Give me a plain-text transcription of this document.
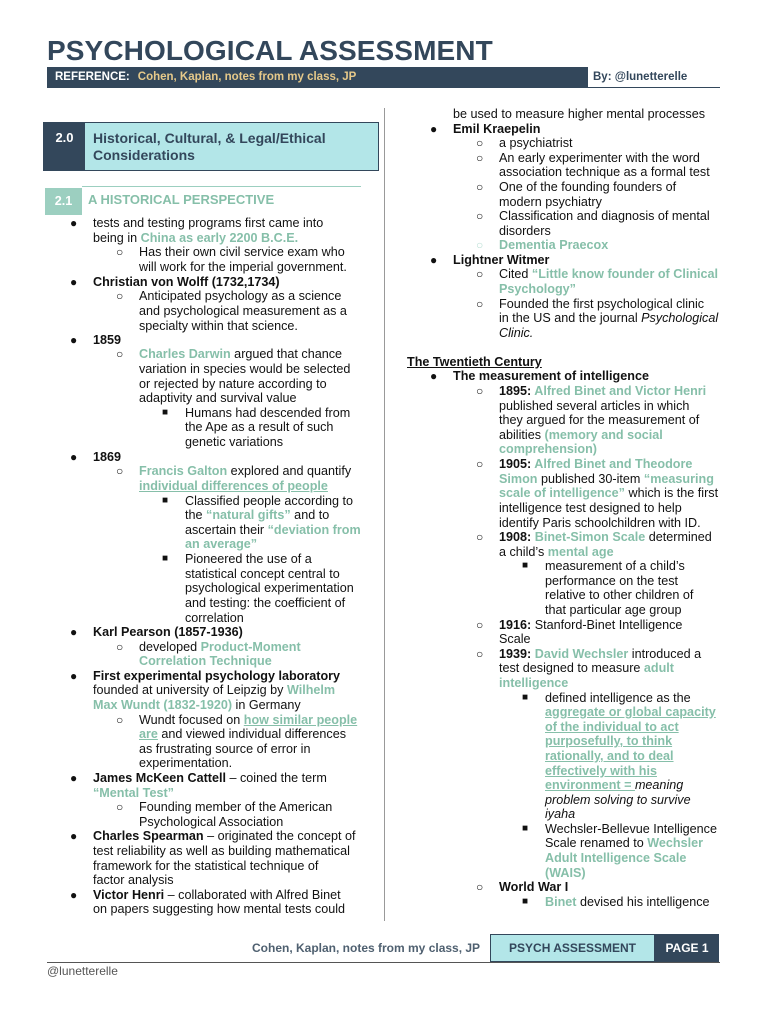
PSYCHOLOGICAL ASSESSMENT
REFERENCE: Cohen, Kaplan, notes from my class, JP	By: @lunetterelle
2.0	Historical, Cultural, & Legal/Ethical
Considerations
2.1	A HISTORICAL PERSPECTIVE
● tests and testing programs first came into
being in China as early 2200 B.C.E.
○ Has their own civil service exam who
will work for the imperial government.
● Christian von Wolff (1732,1734)
○ Anticipated psychology as a science
and psychological measurement as a
specialty within that science.
● 1859
○ Charles Darwin argued that chance
variation in species would be selected
or rejected by nature according to
adaptivity and survival value
■ Humans had descended from
the Ape as a result of such
genetic variations
● 1869
○ Francis Galton explored and quantify
individual differences of people
■ Classified people according to
the “natural gifts” and to
ascertain their “deviation from
an average”
■ Pioneered the use of a
statistical concept central to
psychological experimentation
and testing: the coefficient of
correlation
● Karl Pearson (1857-1936)
○ developed Product-Moment
Correlation Technique
● First experimental psychology laboratory
founded at university of Leipzig by Wilhelm
Max Wundt (1832-1920) in Germany
○ Wundt focused on how similar people
are and viewed individual differences
as frustrating source of error in
experimentation.
● James McKeen Cattell – coined the term
“Mental Test”
○ Founding member of the American
Psychological Association
● Charles Spearman – originated the concept of
test reliability as well as building mathematical
framework for the statistical technique of
factor analysis
● Victor Henri – collaborated with Alfred Binet
on papers suggesting how mental tests could
be used to measure higher mental processes
● Emil Kraepelin
○ a psychiatrist
○ An early experimenter with the word
association technique as a formal test
○ One of the founding founders of
modern psychiatry
○ Classification and diagnosis of mental
disorders
○ Dementia Praecox
● Lightner Witmer
○ Cited “Little know founder of Clinical
Psychology”
○ Founded the first psychological clinic
in the US and the journal Psychological
Clinic.
The Twentieth Century
● The measurement of intelligence
○ 1895: Alfred Binet and Victor Henri
published several articles in which
they argued for the measurement of
abilities (memory and social
comprehension)
○ 1905: Alfred Binet and Theodore
Simon published 30-item “measuring
scale of intelligence” which is the first
intelligence test designed to help
identify Paris schoolchildren with ID.
○ 1908: Binet-Simon Scale determined
a child’s mental age
■ measurement of a child’s
performance on the test
relative to other children of
that particular age group
○ 1916: Stanford-Binet Intelligence
Scale
○ 1939: David Wechsler introduced a
test designed to measure adult
intelligence
■ defined intelligence as the
aggregate or global capacity
of the individual to act
purposefully, to think
rationally, and to deal
effectively with his
environment = meaning
problem solving to survive
iyaha
■ Wechsler-Bellevue Intelligence
Scale renamed to Wechsler
Adult Intelligence Scale
(WAIS)
○ World War I
■ Binet devised his intelligence
Cohen, Kaplan, notes from my class, JP	PSYCH ASSESSMENT	PAGE 1
@lunetterelle
